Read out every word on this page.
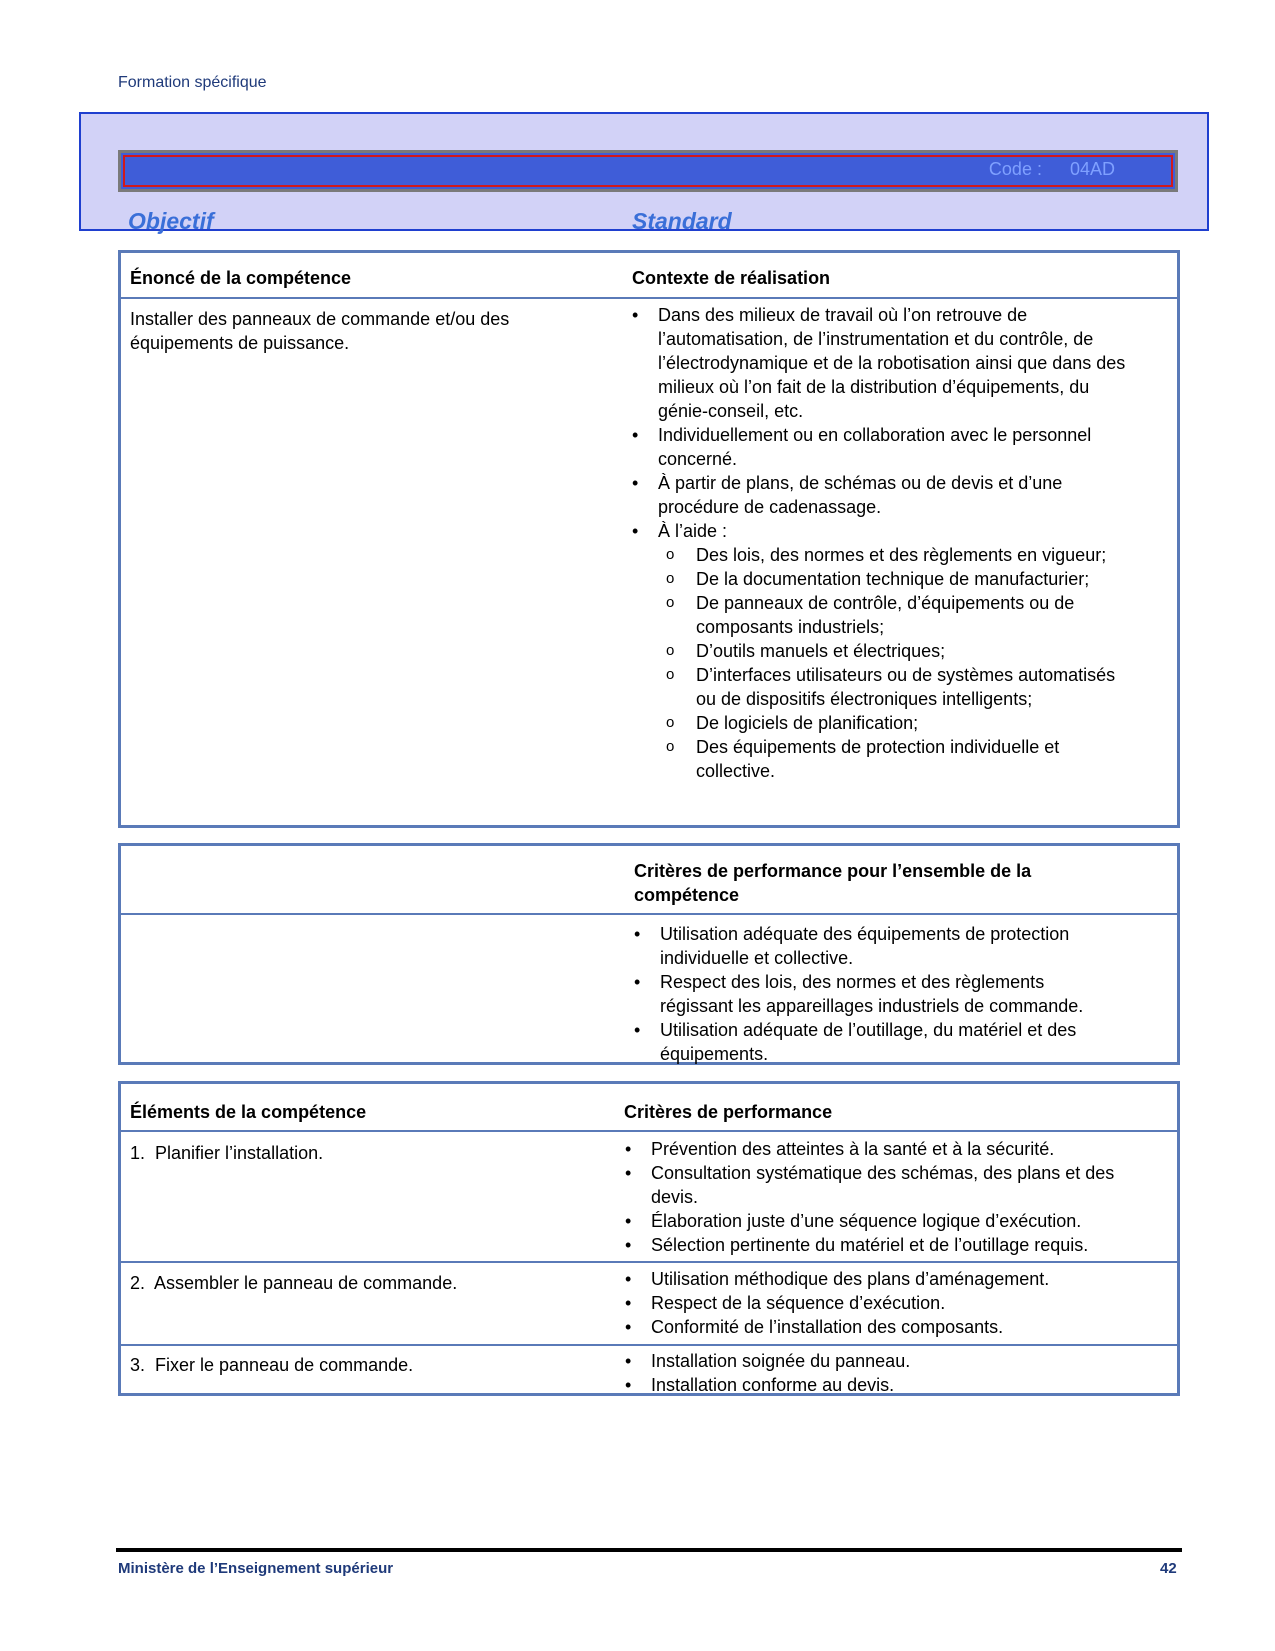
Formation spécifique
Code : 04AD
Objectif	Standard
Énoncé de la compétence	Contexte de réalisation
Installer des panneaux de commande et/ou des équipements de puissance.
• Dans des milieux de travail où l’on retrouve de l’automatisation, de l’instrumentation et du contrôle, de l’électrodynamique et de la robotisation ainsi que dans des milieux où l’on fait de la distribution d’équipements, du génie-conseil, etc.
• Individuellement ou en collaboration avec le personnel concerné.
• À partir de plans, de schémas ou de devis et d’une procédure de cadenassage.
• À l’aide :
o Des lois, des normes et des règlements en vigueur;
o De la documentation technique de manufacturier;
o De panneaux de contrôle, d’équipements ou de composants industriels;
o D’outils manuels et électriques;
o D’interfaces utilisateurs ou de systèmes automatisés ou de dispositifs électroniques intelligents;
o De logiciels de planification;
o Des équipements de protection individuelle et collective.
Critères de performance pour l’ensemble de la compétence
• Utilisation adéquate des équipements de protection individuelle et collective.
• Respect des lois, des normes et des règlements régissant les appareillages industriels de commande.
• Utilisation adéquate de l’outillage, du matériel et des équipements.
Éléments de la compétence	Critères de performance
1.  Planifier l’installation.	• Prévention des atteintes à la santé et à la sécurité.
• Consultation systématique des schémas, des plans et des devis.
• Élaboration juste d’une séquence logique d’exécution.
• Sélection pertinente du matériel et de l’outillage requis.
2.  Assembler le panneau de commande.	• Utilisation méthodique des plans d’aménagement.
• Respect de la séquence d’exécution.
• Conformité de l’installation des composants.
3.  Fixer le panneau de commande.	• Installation soignée du panneau.
• Installation conforme au devis.
Ministère de l’Enseignement supérieur	42
